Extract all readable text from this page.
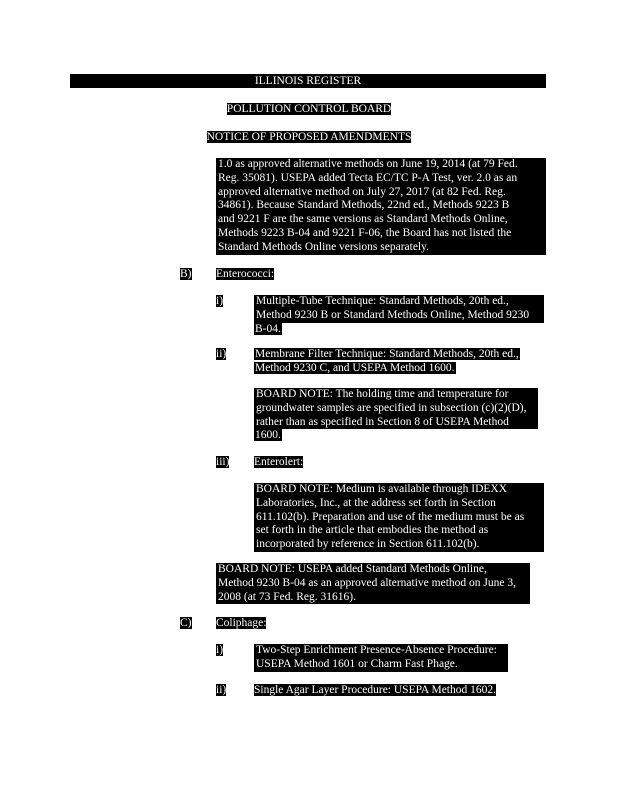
ILLINOIS REGISTER
POLLUTION CONTROL BOARD
NOTICE OF PROPOSED AMENDMENTS
1.0 as approved alternative methods on June 19, 2014 (at 79 Fed.
Reg. 35081). USEPA added Tecta EC/TC P-A Test, ver. 2.0 as an
approved alternative method on July 27, 2017 (at 82 Fed. Reg.
34861). Because Standard Methods, 22nd ed., Methods 9223 B
and 9221 F are the same versions as Standard Methods Online,
Methods 9223 B-04 and 9221 F-06, the Board has not listed the
Standard Methods Online versions separately.
B) Enterococci:
i)	Multiple-Tube Technique: Standard Methods, 20th ed.,
Method 9230 B or Standard Methods Online, Method 9230
B-04.
ii)	Membrane Filter Technique: Standard Methods, 20th ed.,
Method 9230 C, and USEPA Method 1600.
BOARD NOTE: The holding time and temperature for
groundwater samples are specified in subsection (c)(2)(D),
rather than as specified in Section 8 of USEPA Method
1600.
iii) Enterolert:
BOARD NOTE: Medium is available through IDEXX
Laboratories, Inc., at the address set forth in Section
611.102(b). Preparation and use of the medium must be as
set forth in the article that embodies the method as
incorporated by reference in Section 611.102(b).
BOARD NOTE: USEPA added Standard Methods Online,
Method 9230 B-04 as an approved alternative method on June 3,
2008 (at 73 Fed. Reg. 31616).
C) Coliphage:
i)	Two-Step Enrichment Presence-Absence Procedure:
USEPA Method 1601 or Charm Fast Phage.
ii) Single Agar Layer Procedure: USEPA Method 1602.
